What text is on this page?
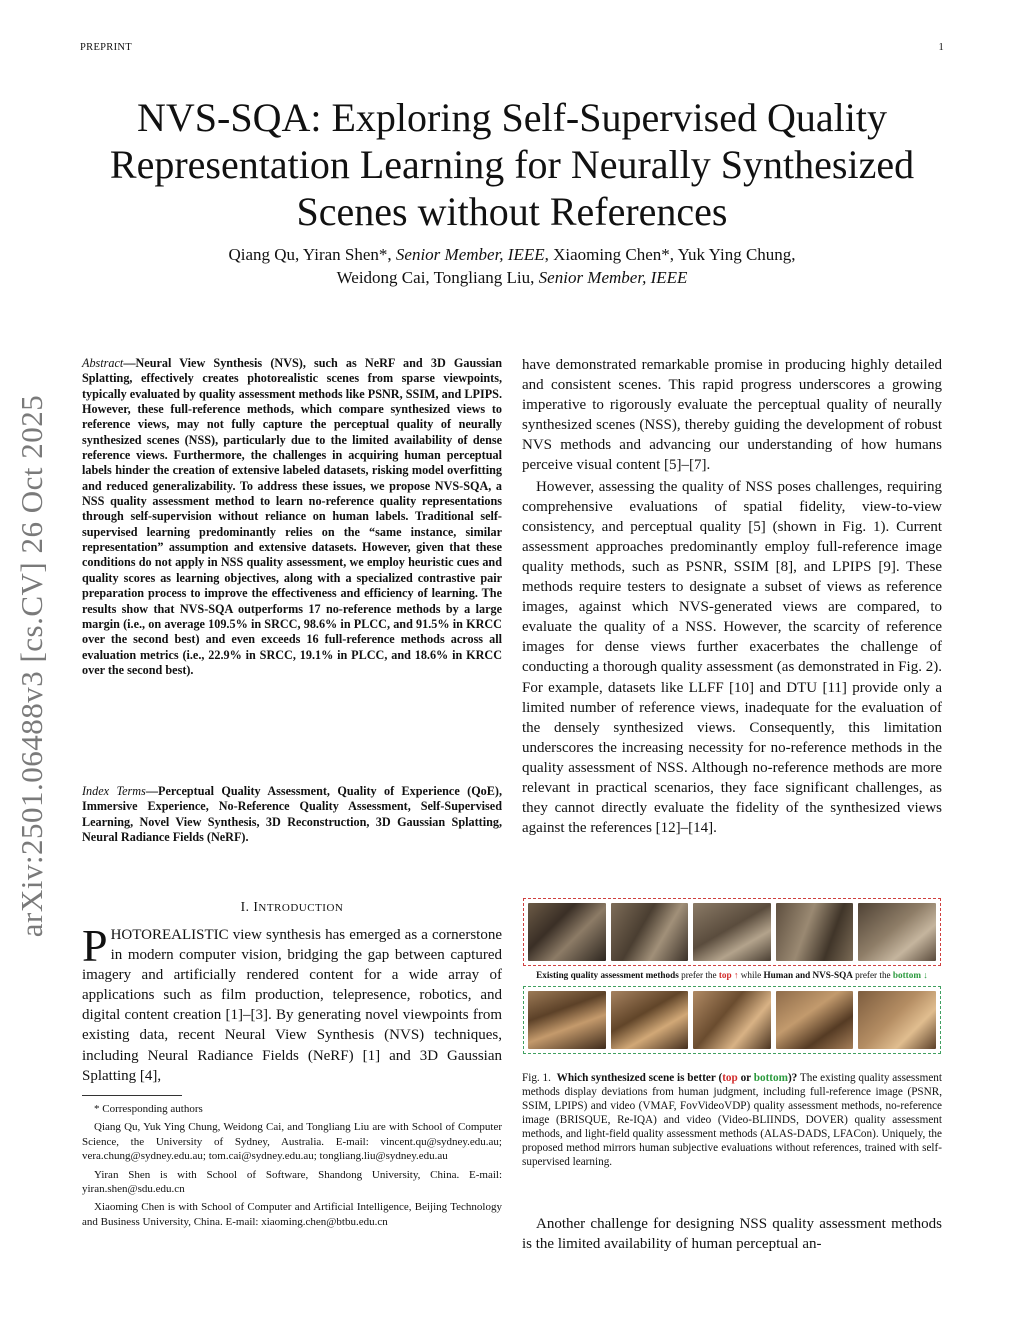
PREPRINT	1
NVS-SQA: Exploring Self-Supervised Quality Representation Learning for Neurally Synthesized Scenes without References
Qiang Qu, Yiran Shen*, Senior Member, IEEE, Xiaoming Chen*, Yuk Ying Chung,
Weidong Cai, Tongliang Liu, Senior Member, IEEE
arXiv:2501.06488v3 [cs.CV] 26 Oct 2025
Abstract—Neural View Synthesis (NVS), such as NeRF and 3D Gaussian Splatting, effectively creates photorealistic scenes from sparse viewpoints, typically evaluated by quality assessment methods like PSNR, SSIM, and LPIPS. However, these full-reference methods, which compare synthesized views to reference views, may not fully capture the perceptual quality of neurally synthesized scenes (NSS), particularly due to the limited availability of dense reference views. Furthermore, the challenges in acquiring human perceptual labels hinder the creation of extensive labeled datasets, risking model overfitting and reduced generalizability. To address these issues, we propose NVS-SQA, a NSS quality assessment method to learn no-reference quality representations through self-supervision without reliance on human labels. Traditional self-supervised learning predominantly relies on the “same instance, similar representation” assumption and extensive datasets. However, given that these conditions do not apply in NSS quality assessment, we employ heuristic cues and quality scores as learning objectives, along with a specialized contrastive pair preparation process to improve the effectiveness and efficiency of learning. The results show that NVS-SQA outperforms 17 no-reference methods by a large margin (i.e., on average 109.5% in SRCC, 98.6% in PLCC, and 91.5% in KRCC over the second best) and even exceeds 16 full-reference methods across all evaluation metrics (i.e., 22.9% in SRCC, 19.1% in PLCC, and 18.6% in KRCC over the second best).
Index Terms—Perceptual Quality Assessment, Quality of Experience (QoE), Immersive Experience, No-Reference Quality Assessment, Self-Supervised Learning, Novel View Synthesis, 3D Reconstruction, 3D Gaussian Splatting, Neural Radiance Fields (NeRF).
I. INTRODUCTION
PHOTOREALISTIC view synthesis has emerged as a cornerstone in modern computer vision, bridging the gap between captured imagery and artificially rendered content for a wide array of applications such as film production, telepresence, robotics, and digital content creation [1]–[3]. By generating novel viewpoints from existing data, recent Neural View Synthesis (NVS) techniques, including Neural Radiance Fields (NeRF) [1] and 3D Gaussian Splatting [4],

* Corresponding authors

Qiang Qu, Yuk Ying Chung, Weidong Cai, and Tongliang Liu are with School of Computer Science, the University of Sydney, Australia. E-mail: vincent.qu@sydney.edu.au; vera.chung@sydney.edu.au; tom.cai@sydney.edu.au; tongliang.liu@sydney.edu.au

Yiran Shen is with School of Software, Shandong University, China. E-mail: yiran.shen@sdu.edu.cn

Xiaoming Chen is with School of Computer and Artificial Intelligence, Beijing Technology and Business University, China. E-mail: xiaoming.chen@btbu.edu.cn

have demonstrated remarkable promise in producing highly detailed and consistent scenes. This rapid progress underscores a growing imperative to rigorously evaluate the perceptual quality of neurally synthesized scenes (NSS), thereby guiding the development of robust NVS methods and advancing our understanding of how humans perceive visual content [5]–[7].

However, assessing the quality of NSS poses challenges, requiring comprehensive evaluations of spatial fidelity, view-to-view consistency, and perceptual quality [5] (shown in Fig. 1). Current assessment approaches predominantly employ full-reference image quality methods, such as PSNR, SSIM [8], and LPIPS [9]. These methods require testers to designate a subset of views as reference images, against which NVS-generated views are compared, to evaluate the quality of a NSS. However, the scarcity of reference images for dense views further exacerbates the challenge of conducting a thorough quality assessment (as demonstrated in Fig. 2). For example, datasets like LLFF [10] and DTU [11] provide only a limited number of reference views, inadequate for the evaluation of the densely synthesized views. Consequently, this limitation underscores the increasing necessity for no-reference methods in the quality assessment of NSS. Although no-reference methods are more relevant in practical scenarios, they face significant challenges, as they cannot directly evaluate the fidelity of the synthesized views against the references [12]–[14].

Existing quality assessment methods prefer the top ↑ while Human and NVS-SQA prefer the bottom ↓
Fig. 1. Which synthesized scene is better (top or bottom)? The existing quality assessment methods display deviations from human judgment, including full-reference image (PSNR, SSIM, LPIPS) and video (VMAF, FovVideoVDP) quality assessment methods, no-reference image (BRISQUE, Re-IQA) and video (Video-BLIINDS, DOVER) quality assessment methods, and light-field quality assessment methods (ALAS-DADS, LFACon). Uniquely, the proposed method mirrors human subjective evaluations without references, trained with self-supervised learning.
Another challenge for designing NSS quality assessment methods is the limited availability of human perceptual an-
